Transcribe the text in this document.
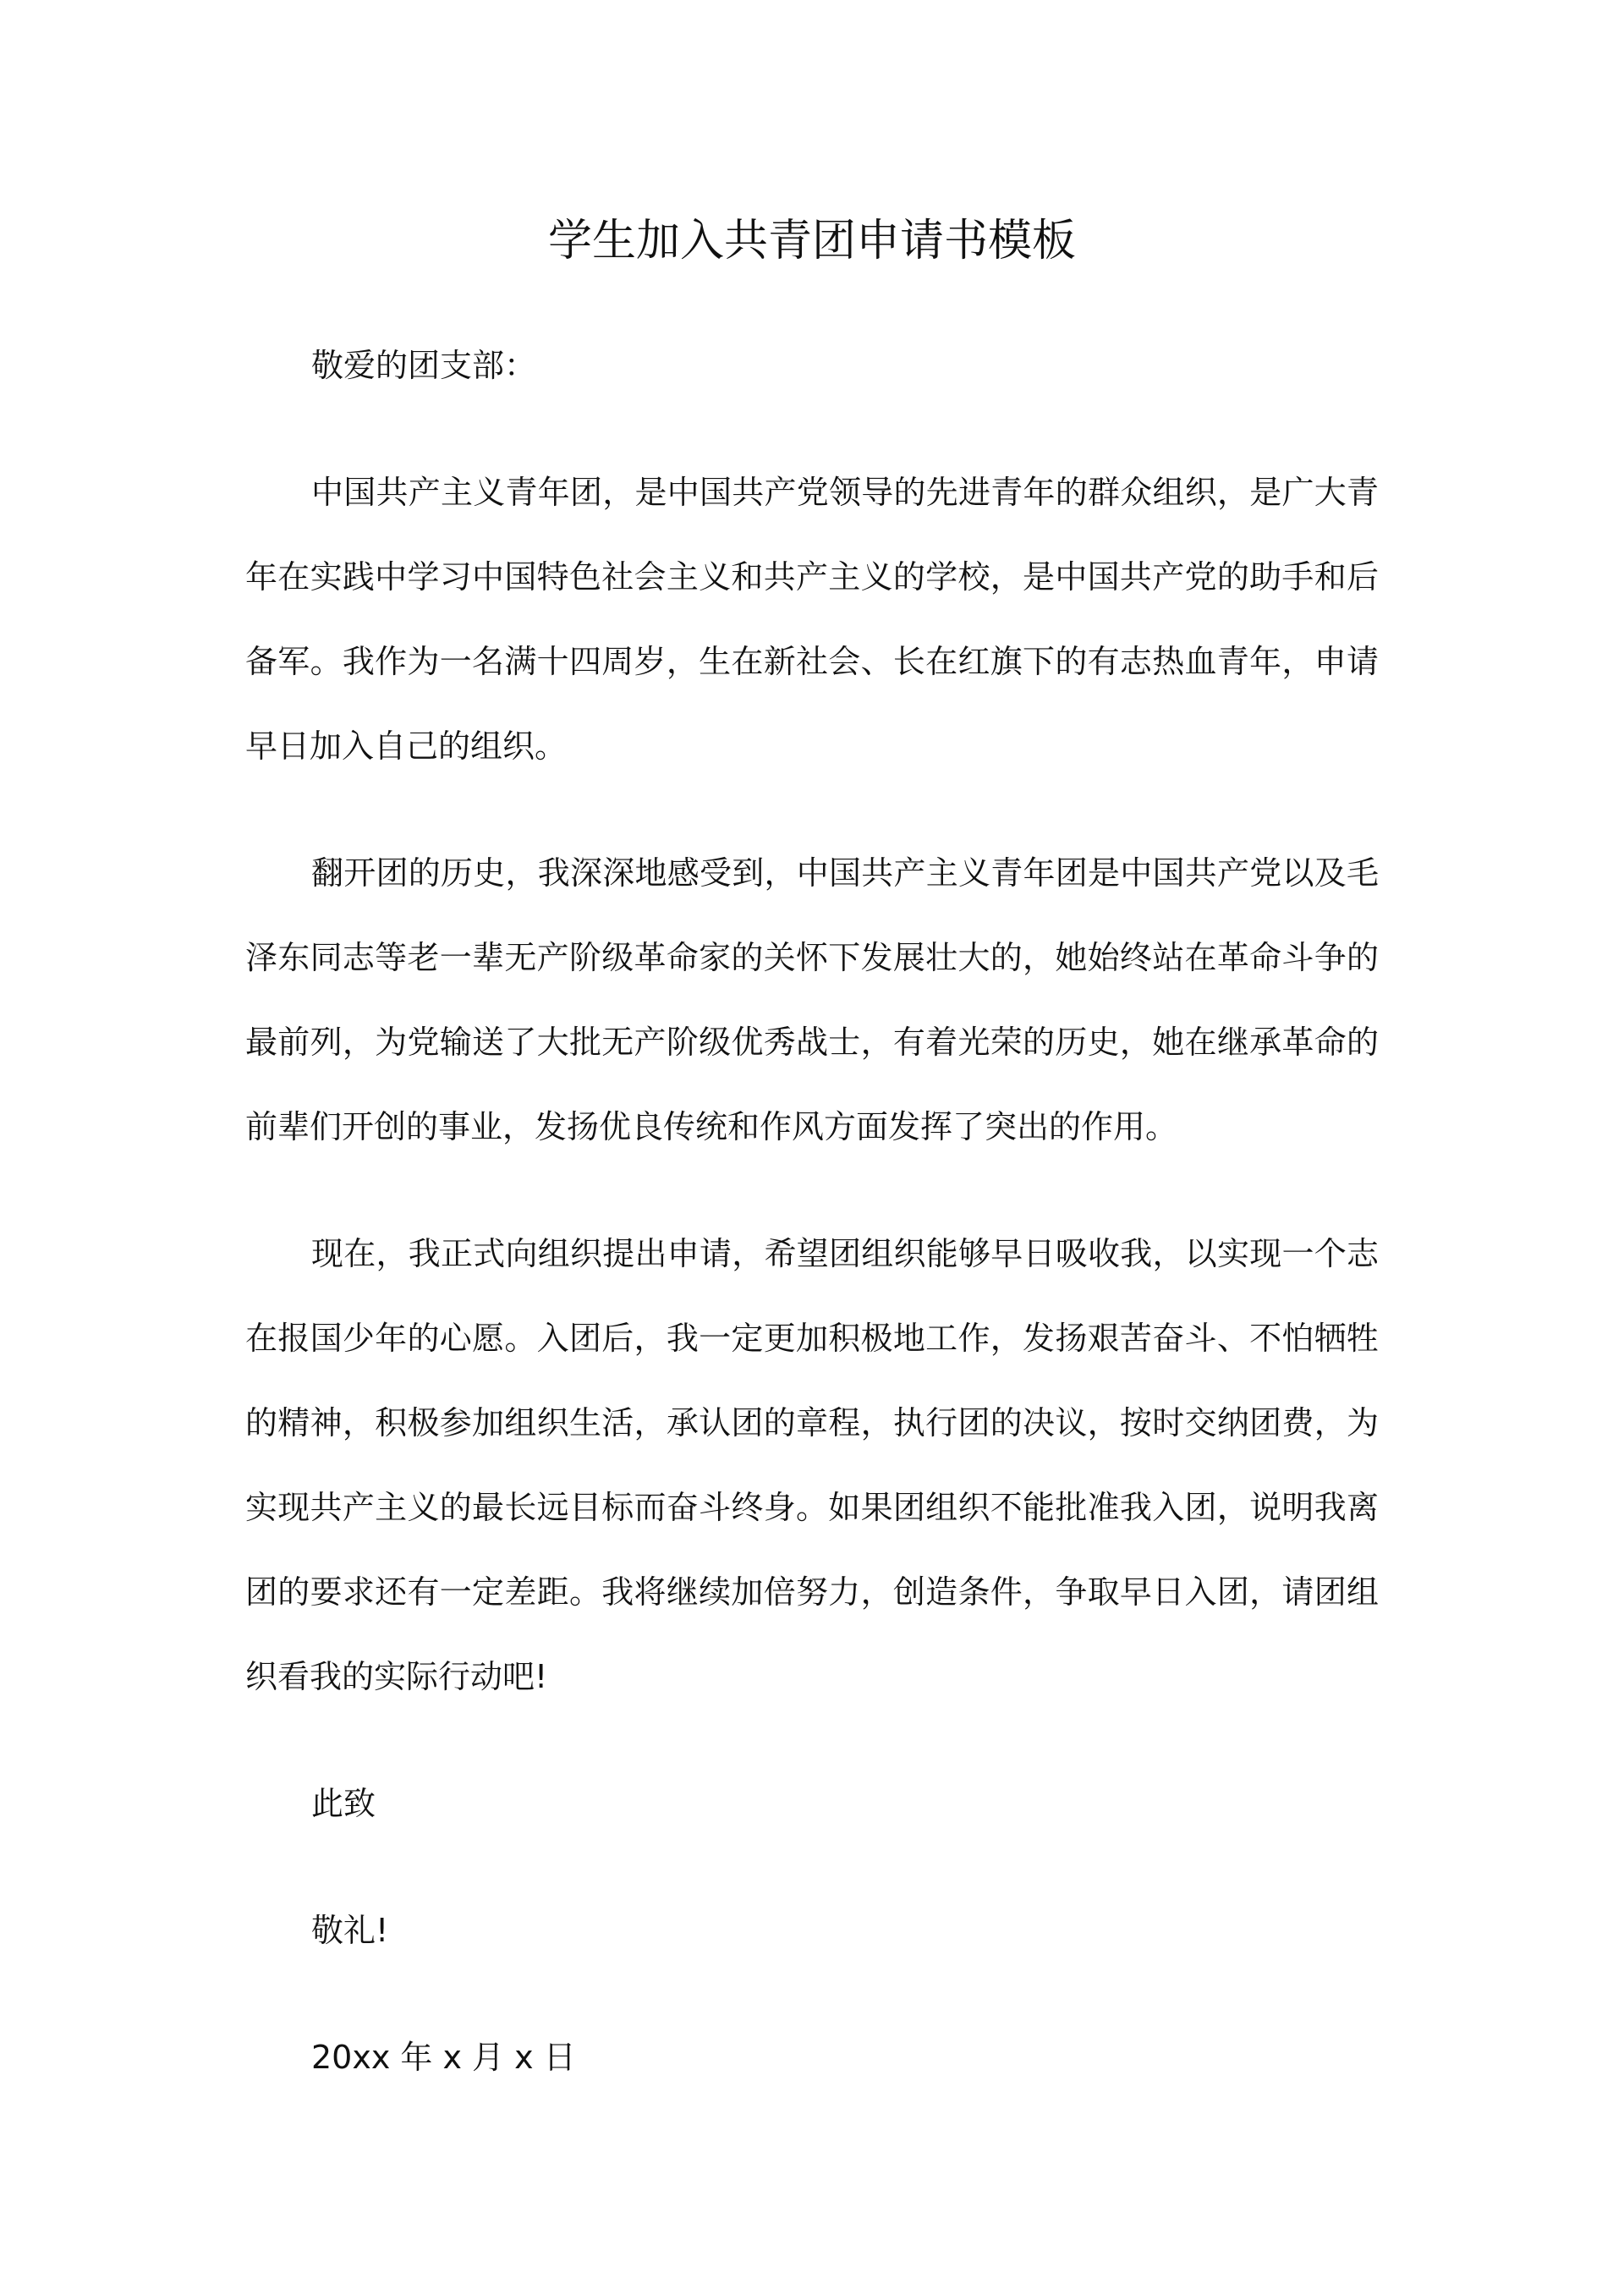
学生加入共青团申请书模板
敬爱的团支部：
中国共产主义青年团，是中国共产党领导的先进青年的群众组织，是广大青
年在实践中学习中国特色社会主义和共产主义的学校，是中国共产党的助手和后
备军。我作为一名满十四周岁，生在新社会、长在红旗下的有志热血青年，申请
早日加入自己的组织。
翻开团的历史，我深深地感受到，中国共产主义青年团是中国共产党以及毛
泽东同志等老一辈无产阶级革命家的关怀下发展壮大的，她始终站在革命斗争的
最前列，为党输送了大批无产阶级优秀战士，有着光荣的历史，她在继承革命的
前辈们开创的事业，发扬优良传统和作风方面发挥了突出的作用。
现在，我正式向组织提出申请，希望团组织能够早日吸收我，以实现一个志
在报国少年的心愿。入团后，我一定更加积极地工作，发扬艰苦奋斗、不怕牺牲
的精神，积极参加组织生活，承认团的章程，执行团的决议，按时交纳团费，为
实现共产主义的最长远目标而奋斗终身。如果团组织不能批准我入团，说明我离
团的要求还有一定差距。我将继续加倍努力，创造条件，争取早日入团，请团组
织看我的实际行动吧!
此致
敬礼!
20xx 年 x 月 x 日
